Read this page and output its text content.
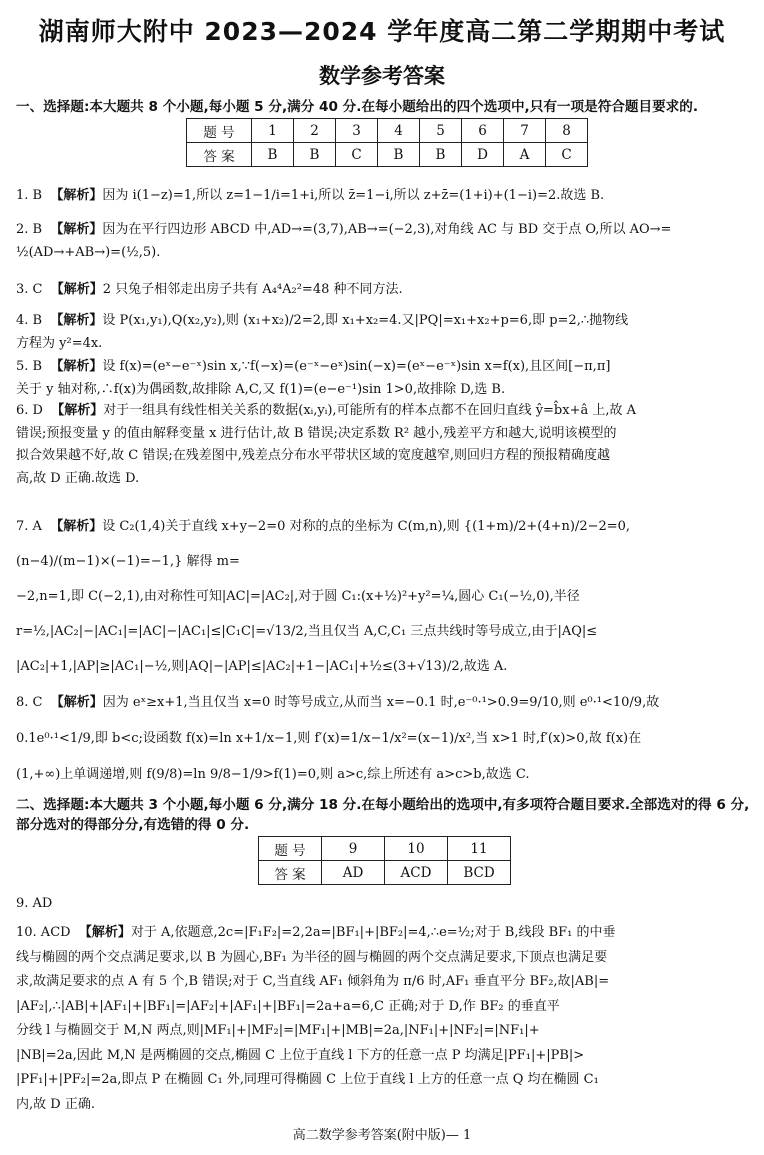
湖南师大附中 2023—2024 学年度高二第二学期期中考试
数学参考答案
一、选择题:本大题共 8 个小题,每小题 5 分,满分 40 分.在每小题给出的四个选项中,只有一项是符合题目要求的.
题 号	1	2	3	4	5	6	7	8
答 案	B	B	C	B	B	D	A	C
1. B  【解析】因为 i(1−z)=1,所以 z=1−1/i=1+i,所以 z̄=1−i,所以 z+z̄=(1+i)+(1−i)=2.故选 B.
2. B  【解析】因为在平行四边形 ABCD 中,AD→=(3,7),AB→=(−2,3),对角线 AC 与 BD 交于点 O,所以 AO→=
½(AD→+AB→)=(½,5).
3. C  【解析】2 只兔子相邻走出房子共有 A₄⁴A₂²=48 种不同方法.
4. B  【解析】设 P(x₁,y₁),Q(x₂,y₂),则 (x₁+x₂)/2=2,即 x₁+x₂=4.又|PQ|=x₁+x₂+p=6,即 p=2,∴抛物线
方程为 y²=4x.
5. B  【解析】设 f(x)=(eˣ−e⁻ˣ)sin x,∵f(−x)=(e⁻ˣ−eˣ)sin(−x)=(eˣ−e⁻ˣ)sin x=f(x),且区间[−π,π]
关于 y 轴对称,∴f(x)为偶函数,故排除 A,C,又 f(1)=(e−e⁻¹)sin 1>0,故排除 D,选 B.
6. D  【解析】对于一组具有线性相关关系的数据(xᵢ,yᵢ),可能所有的样本点都不在回归直线 ŷ=b̂x+â 上,故 A
错误;预报变量 y 的值由解释变量 x 进行估计,故 B 错误;决定系数 R² 越小,残差平方和越大,说明该模型的
拟合效果越不好,故 C 错误;在残差图中,残差点分布水平带状区域的宽度越窄,则回归方程的预报精确度越
高,故 D 正确.故选 D.
7. A  【解析】设 C₂(1,4)关于直线 x+y−2=0 对称的点的坐标为 C(m,n),则 {(1+m)/2+(4+n)/2−2=0, (n−4)/(m−1)×(−1)=−1,} 解得 m=
−2,n=1,即 C(−2,1),由对称性可知|AC|=|AC₂|,对于圆 C₁:(x+½)²+y²=¼,圆心 C₁(−½,0),半径
r=½,|AC₂|−|AC₁|=|AC|−|AC₁|≤|C₁C|=√13/2,当且仅当 A,C,C₁ 三点共线时等号成立,由于|AQ|≤
|AC₂|+1,|AP|≥|AC₁|−½,则|AQ|−|AP|≤|AC₂|+1−|AC₁|+½≤(3+√13)/2,故选 A.
8. C  【解析】因为 eˣ≥x+1,当且仅当 x=0 时等号成立,从而当 x=−0.1 时,e⁻⁰·¹>0.9=9/10,则 e⁰·¹<10/9,故
0.1e⁰·¹<1/9,即 b<c;设函数 f(x)=ln x+1/x−1,则 f′(x)=1/x−1/x²=(x−1)/x²,当 x>1 时,f′(x)>0,故 f(x)在
(1,+∞)上单调递增,则 f(9/8)=ln 9/8−1/9>f(1)=0,则 a>c,综上所述有 a>c>b,故选 C.
二、选择题:本大题共 3 个小题,每小题 6 分,满分 18 分.在每小题给出的选项中,有多项符合题目要求.全部选对的得 6 分,部分选对的得部分分,有选错的得 0 分.
题 号	9	10	11
答 案	AD	ACD	BCD
9. AD
10. ACD  【解析】对于 A,依题意,2c=|F₁F₂|=2,2a=|BF₁|+|BF₂|=4,∴e=½;对于 B,线段 BF₁ 的中垂
线与椭圆的两个交点满足要求,以 B 为圆心,BF₁ 为半径的圆与椭圆的两个交点满足要求,下顶点也满足要
求,故满足要求的点 A 有 5 个,B 错误;对于 C,当直线 AF₁ 倾斜角为 π/6 时,AF₁ 垂直平分 BF₂,故|AB|=
|AF₂|,∴|AB|+|AF₁|+|BF₁|=|AF₂|+|AF₁|+|BF₁|=2a+a=6,C 正确;对于 D,作 BF₂ 的垂直平
分线 l 与椭圆交于 M,N 两点,则|MF₁|+|MF₂|=|MF₁|+|MB|=2a,|NF₁|+|NF₂|=|NF₁|+
|NB|=2a,因此 M,N 是两椭圆的交点,椭圆 C 上位于直线 l 下方的任意一点 P 均满足|PF₁|+|PB|>
|PF₁|+|PF₂|=2a,即点 P 在椭圆 C₁ 外,同理可得椭圆 C 上位于直线 l 上方的任意一点 Q 均在椭圆 C₁
内,故 D 正确.
高二数学参考答案(附中版)— 1
